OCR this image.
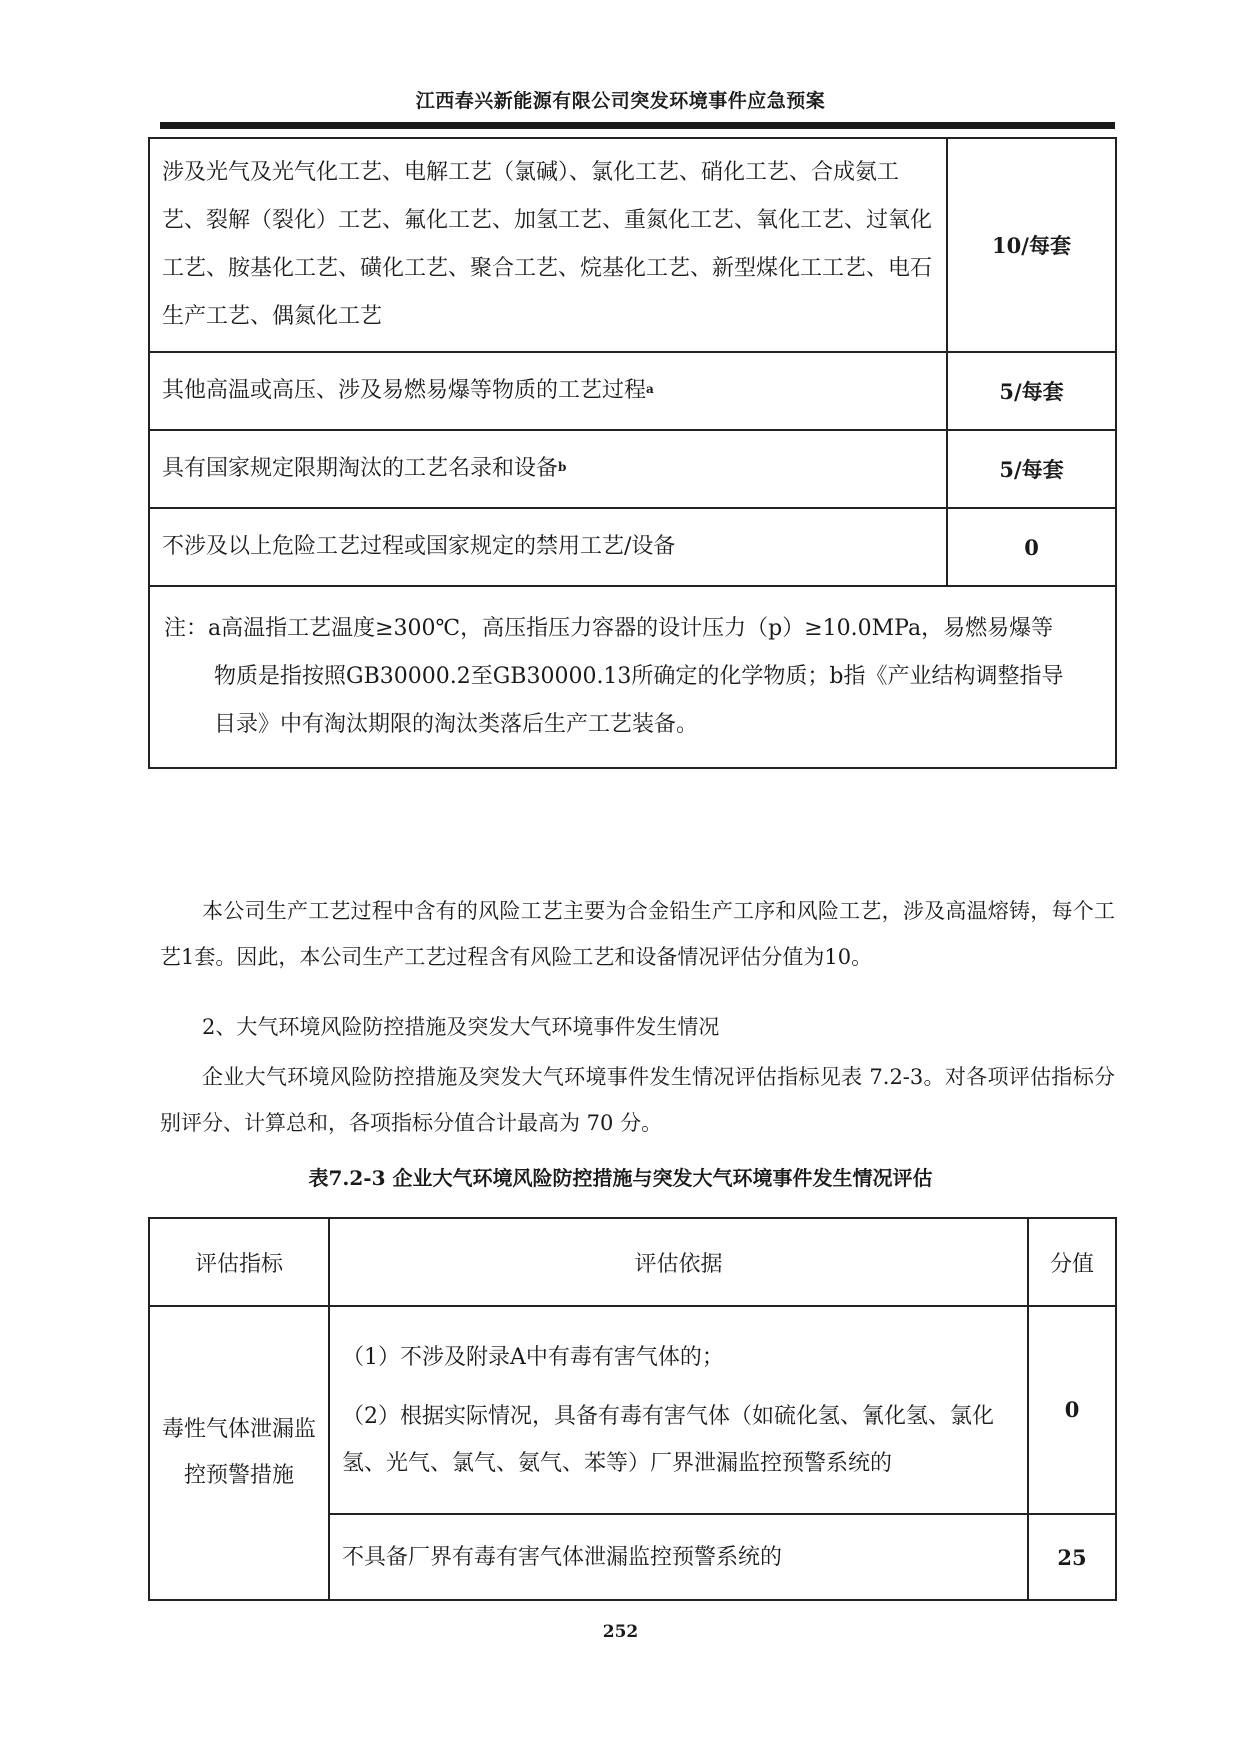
江西春兴新能源有限公司突发环境事件应急预案
涉及光气及光气化工艺、电解工艺（氯碱）、氯化工艺、硝化工艺、合成氨工艺、裂解（裂化）工艺、氟化工艺、加氢工艺、重氮化工艺、氧化工艺、过氧化工艺、胺基化工艺、磺化工艺、聚合工艺、烷基化工艺、新型煤化工工艺、电石生产工艺、偶氮化工艺	10/每套
其他高温或高压、涉及易燃易爆等物质的工艺过程$^a$	5/每套
具有国家规定限期淘汰的工艺名录和设备$^b$	5/每套
不涉及以上危险工艺过程或国家规定的禁用工艺/设备	0

注：a高温指工艺温度≥300℃，高压指压力容器的设计压力（p）≥10.0MPa，易燃易爆等
物质是指按照GB30000.2至GB30000.13所确定的化学物质；b指《产业结构调整指导
目录》中有淘汰期限的淘汰类落后生产工艺装备。	
本公司生产工艺过程中含有的风险工艺主要为合金铅生产工序和风险工艺，涉及高温熔铸，每个工艺1套。因此，本公司生产工艺过程含有风险工艺和设备情况评估分值为10。
2、大气环境风险防控措施及突发大气环境事件发生情况
企业大气环境风险防控措施及突发大气环境事件发生情况评估指标见表 7.2-3。对各项评估指标分别评分、计算总和，各项指标分值合计最高为 70 分。
表7.2-3 企业大气环境风险防控措施与突发大气环境事件发生情况评估
评估指标	评估依据	分值
毒性气体泄漏监控预警措施	（1）不涉及附录A中有毒有害气体的；

（2）根据实际情况，具备有毒有害气体（如硫化氢、氰化氢、氯化氢、光气、氯气、氨气、苯等）厂界泄漏监控预警系统的	0
	不具备厂界有毒有害气体泄漏监控预警系统的	25
252
